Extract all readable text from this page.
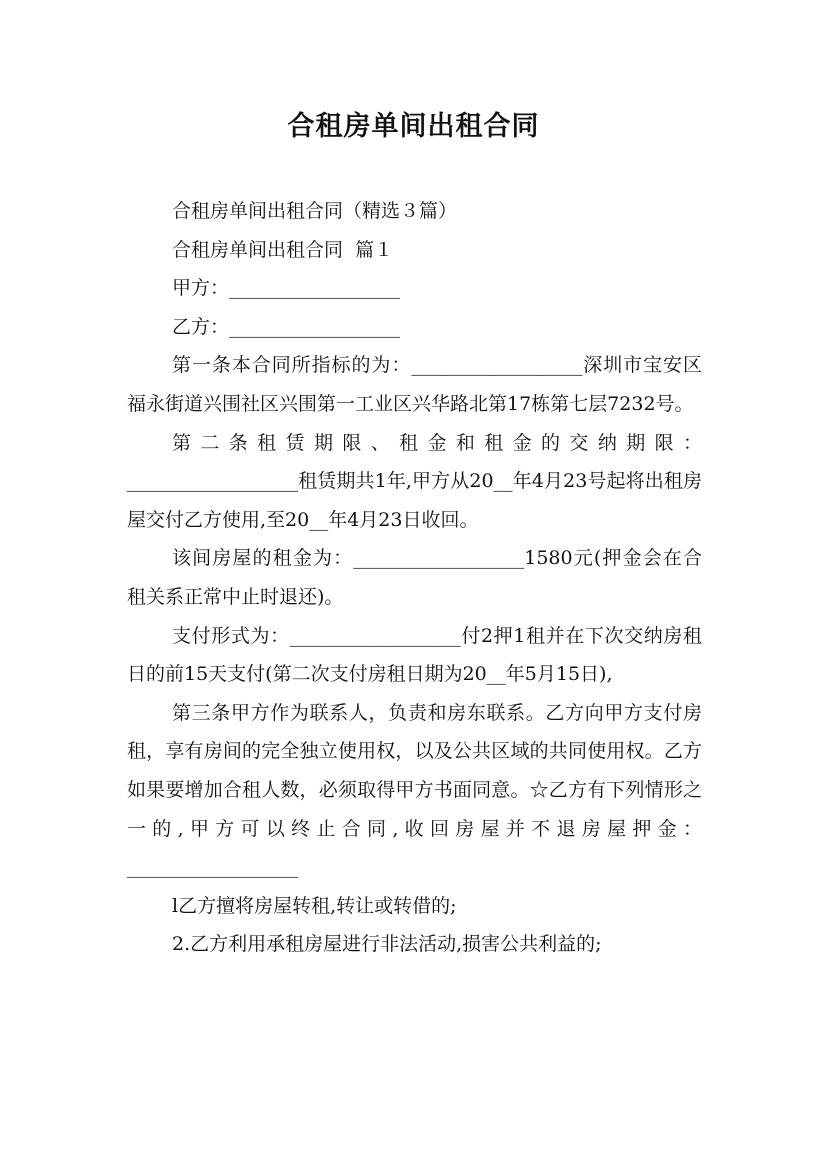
合租房单间出租合同

合租房单间出租合同（精选３篇）

合租房单间出租合同  篇１

甲方：__________________

乙方：__________________

第一条本合同所指标的为：__________________深圳市宝安区福永街道兴围社区兴围第一工业区兴华路北第17栋第七层7232号。

第二条租赁期限、租金和租金的交纳期限：

__________________租赁期共1年,甲方从20__年4月23号起将出租房屋交付乙方使用,至20__年4月23日收回。

该间房屋的租金为：__________________1580元(押金会在合租关系正常中止时退还)。

支付形式为：__________________付2押1租并在下次交纳房租日的前15天支付(第二次支付房租日期为20__年5月15日),

第三条甲方作为联系人，负责和房东联系。乙方向甲方支付房租，享有房间的完全独立使用权，以及公共区域的共同使用权。乙方如果要增加合租人数，必须取得甲方书面同意。☆乙方有下列情形之一的,甲方可以终止合同,收回房屋并不退房屋押金：__________________

l乙方擅将房屋转租,转让或转借的;

2.乙方利用承租房屋进行非法活动,损害公共利益的;
